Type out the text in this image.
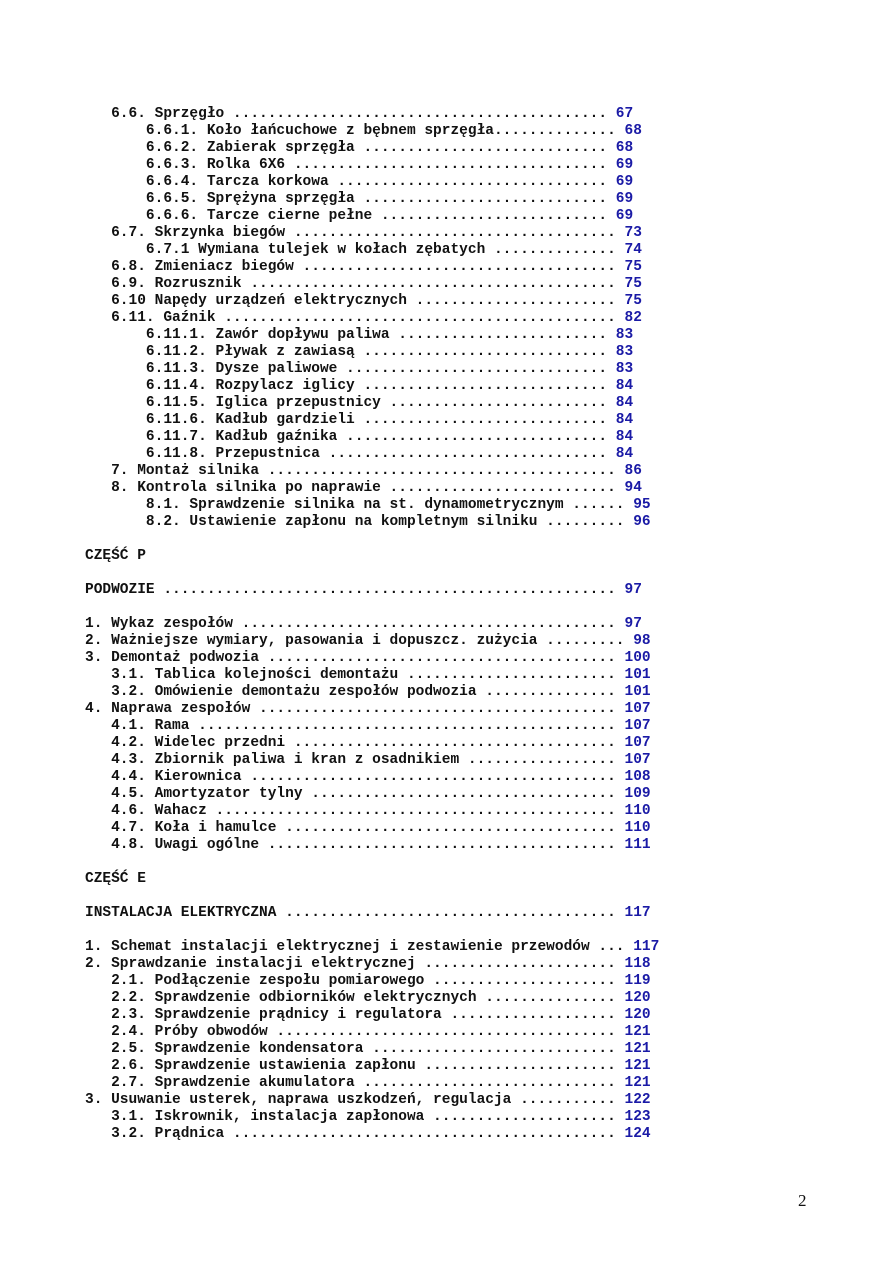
6.6. Sprzęgło ........................................... 67
6.6.1. Koło łańcuchowe z bębnem sprzęgła.............. 68
6.6.2. Zabierak sprzęgła ............................ 68
6.6.3. Rolka 6X6 .................................... 69
6.6.4. Tarcza korkowa ............................... 69
6.6.5. Sprężyna sprzęgła ............................ 69
6.6.6. Tarcze cierne pełne .......................... 69
6.7. Skrzynka biegów ..................................... 73
6.7.1 Wymiana tulejek w kołach zębatych .............. 74
6.8. Zmieniacz biegów .................................... 75
6.9. Rozrusznik .......................................... 75
6.10 Napędy urządzeń elektrycznych ....................... 75
6.11. Gaźnik ............................................. 82
6.11.1. Zawór dopływu paliwa ........................ 83
6.11.2. Pływak z zawiasą ............................ 83
6.11.3. Dysze paliwowe .............................. 83
6.11.4. Rozpylacz iglicy ............................ 84
6.11.5. Iglica przepustnicy ......................... 84
6.11.6. Kadłub gardzieli ............................ 84
6.11.7. Kadłub gaźnika .............................. 84
6.11.8. Przepustnica ................................ 84
7. Montaż silnika ........................................ 86
8. Kontrola silnika po naprawie .......................... 94
8.1. Sprawdzenie silnika na st. dynamometrycznym ...... 95
8.2. Ustawienie zapłonu na kompletnym silniku ......... 96
CZĘŚĆ P
PODWOZIE .................................................... 97
1. Wykaz zespołów ........................................... 97
2. Ważniejsze wymiary, pasowania i dopuszcz. zużycia ......... 98
3. Demontaż podwozia ........................................ 100
3.1. Tablica kolejności demontażu ........................ 101
3.2. Omówienie demontażu zespołów podwozia ............... 101
4. Naprawa zespołów ......................................... 107
4.1. Rama ................................................ 107
4.2. Widelec przedni ..................................... 107
4.3. Zbiornik paliwa i kran z osadnikiem ................. 107
4.4. Kierownica .......................................... 108
4.5. Amortyzator tylny ................................... 109
4.6. Wahacz .............................................. 110
4.7. Koła i hamulce ...................................... 110
4.8. Uwagi ogólne ........................................ 111
CZĘŚĆ E
INSTALACJA ELEKTRYCZNA ...................................... 117
1. Schemat instalacji elektrycznej i zestawienie przewodów ... 117
2. Sprawdzanie instalacji elektrycznej ...................... 118
2.1. Podłączenie zespołu pomiarowego ..................... 119
2.2. Sprawdzenie odbiorników elektrycznych ............... 120
2.3. Sprawdzenie prądnicy i regulatora ................... 120
2.4. Próby obwodów ....................................... 121
2.5. Sprawdzenie kondensatora ............................ 121
2.6. Sprawdzenie ustawienia zapłonu ...................... 121
2.7. Sprawdzenie akumulatora ............................. 121
3. Usuwanie usterek, naprawa uszkodzeń, regulacja ........... 122
3.1. Iskrownik, instalacja zapłonowa ..................... 123
3.2. Prądnica ............................................ 124
2
